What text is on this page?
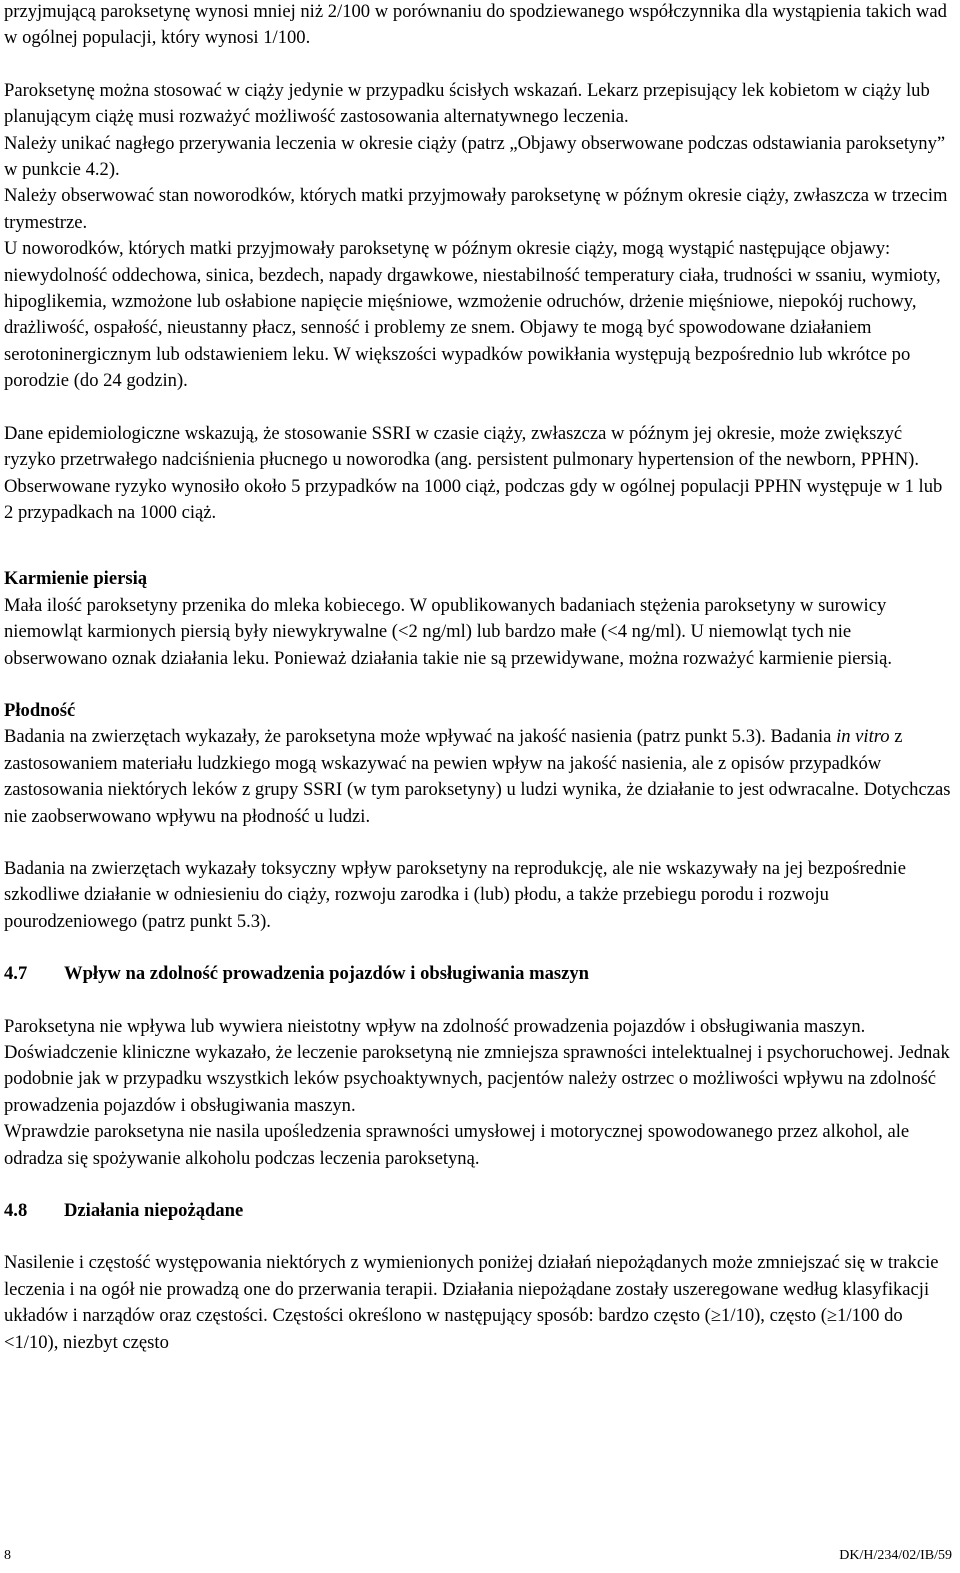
przyjmującą paroksetynę wynosi mniej niż 2/100 w porównaniu do spodziewanego współczynnika dla wystąpienia takich wad w ogólnej populacji, który wynosi 1/100.

Paroksetynę można stosować w ciąży jedynie w przypadku ścisłych wskazań. Lekarz przepisujący lek kobietom w ciąży lub planującym ciążę musi rozważyć możliwość zastosowania alternatywnego leczenia.

Należy unikać nagłego przerywania leczenia w okresie ciąży (patrz „Objawy obserwowane podczas odstawiania paroksetyny” w punkcie 4.2).

Należy obserwować stan noworodków, których matki przyjmowały paroksetynę w późnym okresie ciąży, zwłaszcza w trzecim trymestrze.

U noworodków, których matki przyjmowały paroksetynę w późnym okresie ciąży, mogą wystąpić następujące objawy: niewydolność oddechowa, sinica, bezdech, napady drgawkowe, niestabilność temperatury ciała, trudności w ssaniu, wymioty, hipoglikemia, wzmożone lub osłabione napięcie mięśniowe, wzmożenie odruchów, drżenie mięśniowe, niepokój ruchowy, drażliwość, ospałość, nieustanny płacz, senność i problemy ze snem. Objawy te mogą być spowodowane działaniem serotoninergicznym lub odstawieniem leku. W większości wypadków powikłania występują bezpośrednio lub wkrótce po porodzie (do 24 godzin).

Dane epidemiologiczne wskazują, że stosowanie SSRI w czasie ciąży, zwłaszcza w późnym jej okresie, może zwiększyć ryzyko przetrwałego nadciśnienia płucnego u noworodka (ang. persistent pulmonary hypertension of the newborn, PPHN). Obserwowane ryzyko wynosiło około 5 przypadków na 1000 ciąż, podczas gdy w ogólnej populacji PPHN występuje w 1 lub 2 przypadkach na 1000 ciąż.

Karmienie piersią

Mała ilość paroksetyny przenika do mleka kobiecego. W opublikowanych badaniach stężenia paroksetyny w surowicy niemowląt karmionych piersią były niewykrywalne (<2 ng/ml) lub bardzo małe (<4 ng/ml). U niemowląt tych nie obserwowano oznak działania leku. Ponieważ działania takie nie są przewidywane, można rozważyć karmienie piersią.

Płodność

Badania na zwierzętach wykazały, że paroksetyna może wpływać na jakość nasienia (patrz punkt 5.3). Badania in vitro z zastosowaniem materiału ludzkiego mogą wskazywać na pewien wpływ na jakość nasienia, ale z opisów przypadków zastosowania niektórych leków z grupy SSRI (w tym paroksetyny) u ludzi wynika, że działanie to jest odwracalne. Dotychczas nie zaobserwowano wpływu na płodność u ludzi.

Badania na zwierzętach wykazały toksyczny wpływ paroksetyny na reprodukcję, ale nie wskazywały na jej bezpośrednie szkodliwe działanie w odniesieniu do ciąży, rozwoju zarodka i (lub) płodu, a także przebiegu porodu i rozwoju pourodzeniowego (patrz punkt 5.3).

4.7	Wpływ na zdolność prowadzenia pojazdów i obsługiwania maszyn

Paroksetyna nie wpływa lub wywiera nieistotny wpływ na zdolność prowadzenia pojazdów i obsługiwania maszyn.

Doświadczenie kliniczne wykazało, że leczenie paroksetyną nie zmniejsza sprawności intelektualnej i psychoruchowej. Jednak podobnie jak w przypadku wszystkich leków psychoaktywnych, pacjentów należy ostrzec o możliwości wpływu na zdolność prowadzenia pojazdów i obsługiwania maszyn.

Wprawdzie paroksetyna nie nasila upośledzenia sprawności umysłowej i motorycznej spowodowanego przez alkohol, ale odradza się spożywanie alkoholu podczas leczenia paroksetyną.

4.8	Działania niepożądane

Nasilenie i częstość występowania niektórych z wymienionych poniżej działań niepożądanych może zmniejszać się w trakcie leczenia i na ogół nie prowadzą one do przerwania terapii. Działania niepożądane zostały uszeregowane według klasyfikacji układów i narządów oraz częstości. Częstości określono w następujący sposób: bardzo często (≥1/10), często (≥1/100 do <1/10), niezbyt często

8	DK/H/234/02/IB/59
